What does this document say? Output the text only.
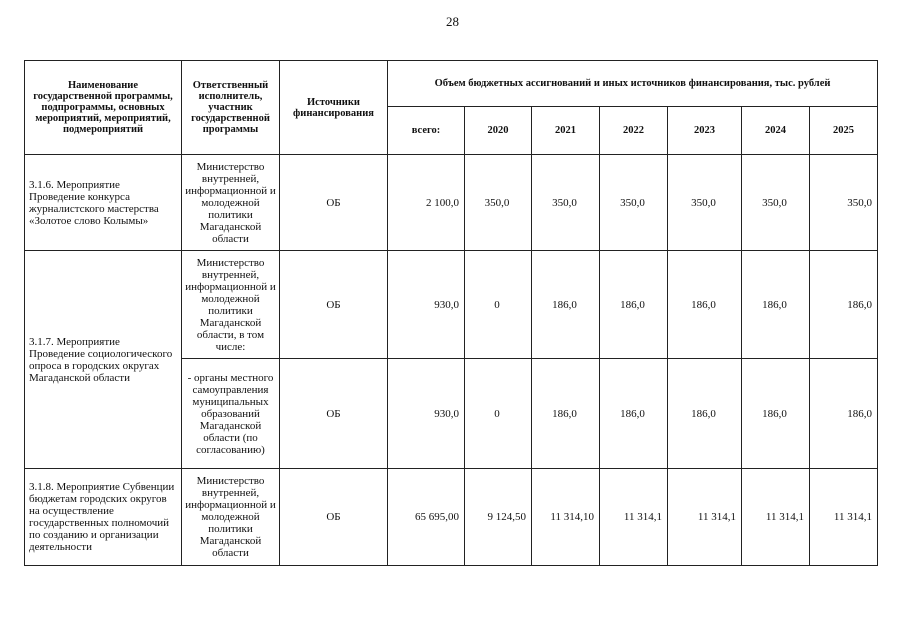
28
Наименование государственной программы, подпрограммы, основных мероприятий, мероприятий, подмероприятий	Ответственный исполнитель, участник государственной программы	Источники финансирования	Объем бюджетных ассигнований и иных источников финансирования, тыс. рублей						
			всего:	2020	2021	2022	2023	2024	2025
3.1.6. Мероприятие Проведение конкурса журналистского мастерства «Золотое слово Колымы»	Министерство внутренней, информационной и молодежной политики Магаданской области	ОБ	2 100,0	350,0	350,0	350,0	350,0	350,0	350,0
3.1.7. Мероприятие Проведение социологического опроса в городских округах Магаданской области	Министерство внутренней, информационной и молодежной политики Магаданской области, в том числе:	ОБ	930,0	0	186,0	186,0	186,0	186,0	186,0
	- органы местного самоуправления муниципальных образований Магаданской области (по согласованию)	ОБ	930,0	0	186,0	186,0	186,0	186,0	186,0
3.1.8. Мероприятие Субвенции бюджетам городских округов на осуществление государственных полномочий по созданию и организации деятельности	Министерство внутренней, информационной и молодежной политики Магаданской области	ОБ	65 695,00	9 124,50	11 314,10	11 314,1	11 314,1	11 314,1	11 314,1
